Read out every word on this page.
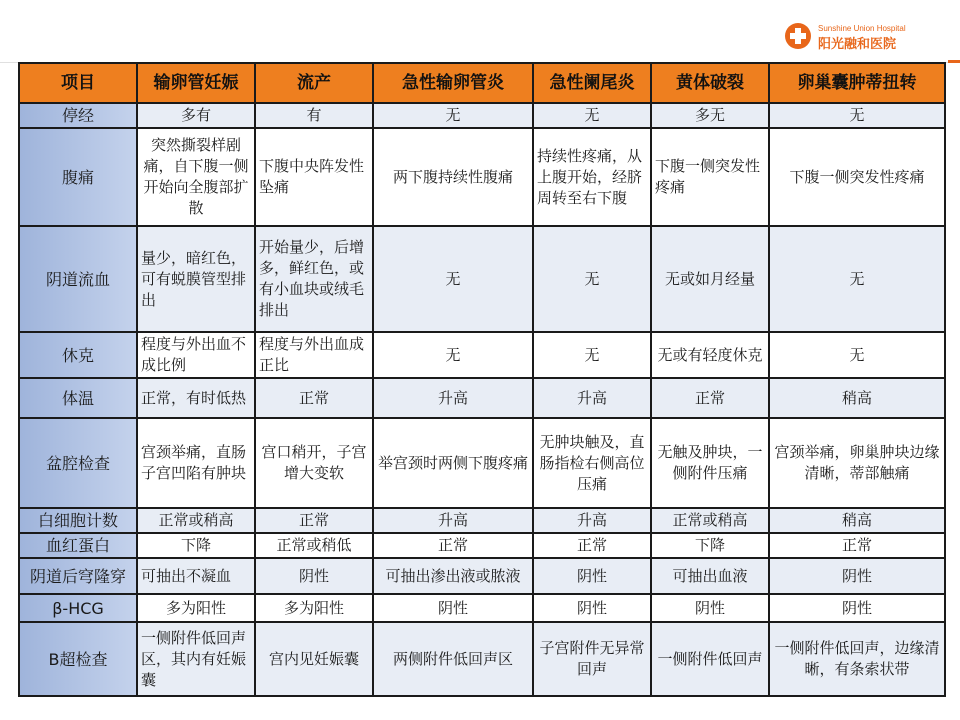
Sunshine Union Hospital
阳光融和医院
项目	输卵管妊娠	流产	急性输卵管炎	急性阑尾炎	黄体破裂	卵巢囊肿蒂扭转
停经	多有	有	无	无	多无	无
腹痛	突然撕裂样剧痛，自下腹一侧开始向全腹部扩散	下腹中央阵发性坠痛	两下腹持续性腹痛	持续性疼痛，从上腹开始，经脐周转至右下腹	下腹一侧突发性疼痛	下腹一侧突发性疼痛
阴道流血	量少，暗红色，可有蜕膜管型排出	开始量少，后增多，鲜红色，或有小血块或绒毛排出	无	无	无或如月经量	无
休克	程度与外出血不成比例	程度与外出血成正比	无	无	无或有轻度休克	无
体温	正常，有时低热	正常	升高	升高	正常	稍高
盆腔检查	宫颈举痛，直肠子宫凹陷有肿块	宫口稍开，子宫增大变软	举宫颈时两侧下腹疼痛	无肿块触及，直肠指检右侧高位压痛	无触及肿块，一侧附件压痛	宫颈举痛，卵巢肿块边缘清晰，蒂部触痛
白细胞计数	正常或稍高	正常	升高	升高	正常或稍高	稍高
血红蛋白	下降	正常或稍低	正常	正常	下降	正常
阴道后穹隆穿	可抽出不凝血	阴性	可抽出渗出液或脓液	阴性	可抽出血液	阴性
β-HCG	多为阳性	多为阳性	阴性	阴性	阴性	阴性
B超检查	一侧附件低回声区，其内有妊娠囊	宫内见妊娠囊	两侧附件低回声区	子宫附件无异常回声	一侧附件低回声	一侧附件低回声，边缘清晰，有条索状带
